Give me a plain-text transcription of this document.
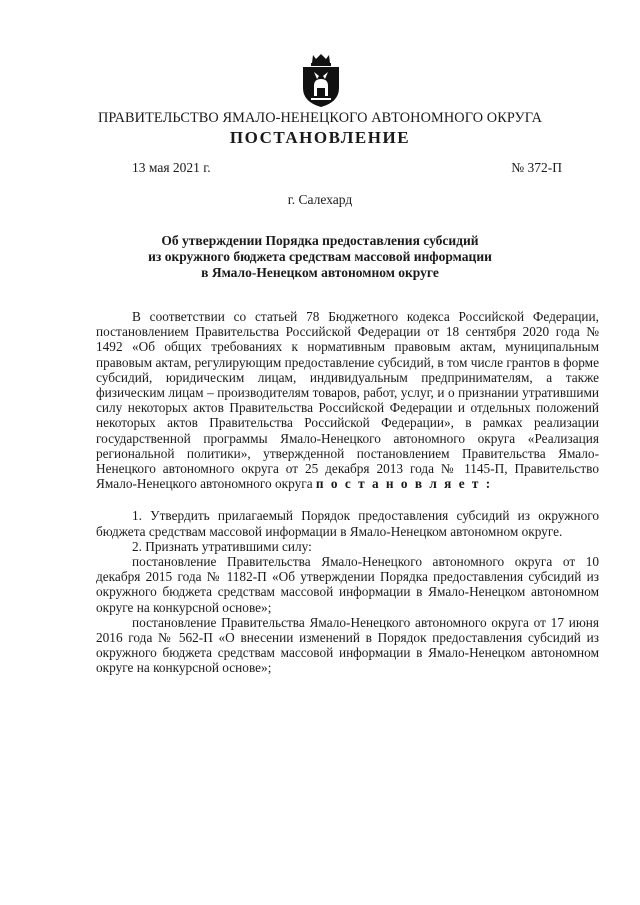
ПРАВИТЕЛЬСТВО ЯМАЛО-НЕНЕЦКОГО АВТОНОМНОГО ОКРУГА
ПОСТАНОВЛЕНИЕ
13 мая 2021 г.	№ 372-П
г. Салехард
Об утверждении Порядка предоставления субсидий
из окружного бюджета средствам массовой информации
в Ямало-Ненецком автономном округе

В соответствии со статьей 78 Бюджетного кодекса Российской Федерации, постановлением Правительства Российской Федерации от 18 сентября 2020 года № 1492 «Об общих требованиях к нормативным правовым актам, муниципальным правовым актам, регулирующим предоставление субсидий, в том числе грантов в форме субсидий, юридическим лицам, индивидуальным предпринимателям, а также физическим лицам – производителям товаров, работ, услуг, и о признании утратившими силу некоторых актов Правительства Российской Федерации и отдельных положений некоторых актов Правительства Российской Федерации», в рамках реализации государственной программы Ямало-Ненецкого автономного округа «Реализация региональной политики», утвержденной постановлением Правительства Ямало-Ненецкого автономного округа от 25 декабря 2013 года № 1145-П, Правительство Ямало-Ненецкого автономного округа п о с т а н о в л я е т :

1. Утвердить прилагаемый Порядок предоставления субсидий из окружного бюджета средствам массовой информации в Ямало-Ненецком автономном округе.

2. Признать утратившими силу:

постановление Правительства Ямало-Ненецкого автономного округа от 10 декабря 2015 года № 1182-П «Об утверждении Порядка предоставления субсидий из окружного бюджета средствам массовой информации в Ямало-Ненецком автономном округе на конкурсной основе»;

постановление Правительства Ямало-Ненецкого автономного округа от 17 июня 2016 года № 562-П «О внесении изменений в Порядок предоставления субсидий из окружного бюджета средствам массовой информации в Ямало-Ненецком автономном округе на конкурсной основе»;
